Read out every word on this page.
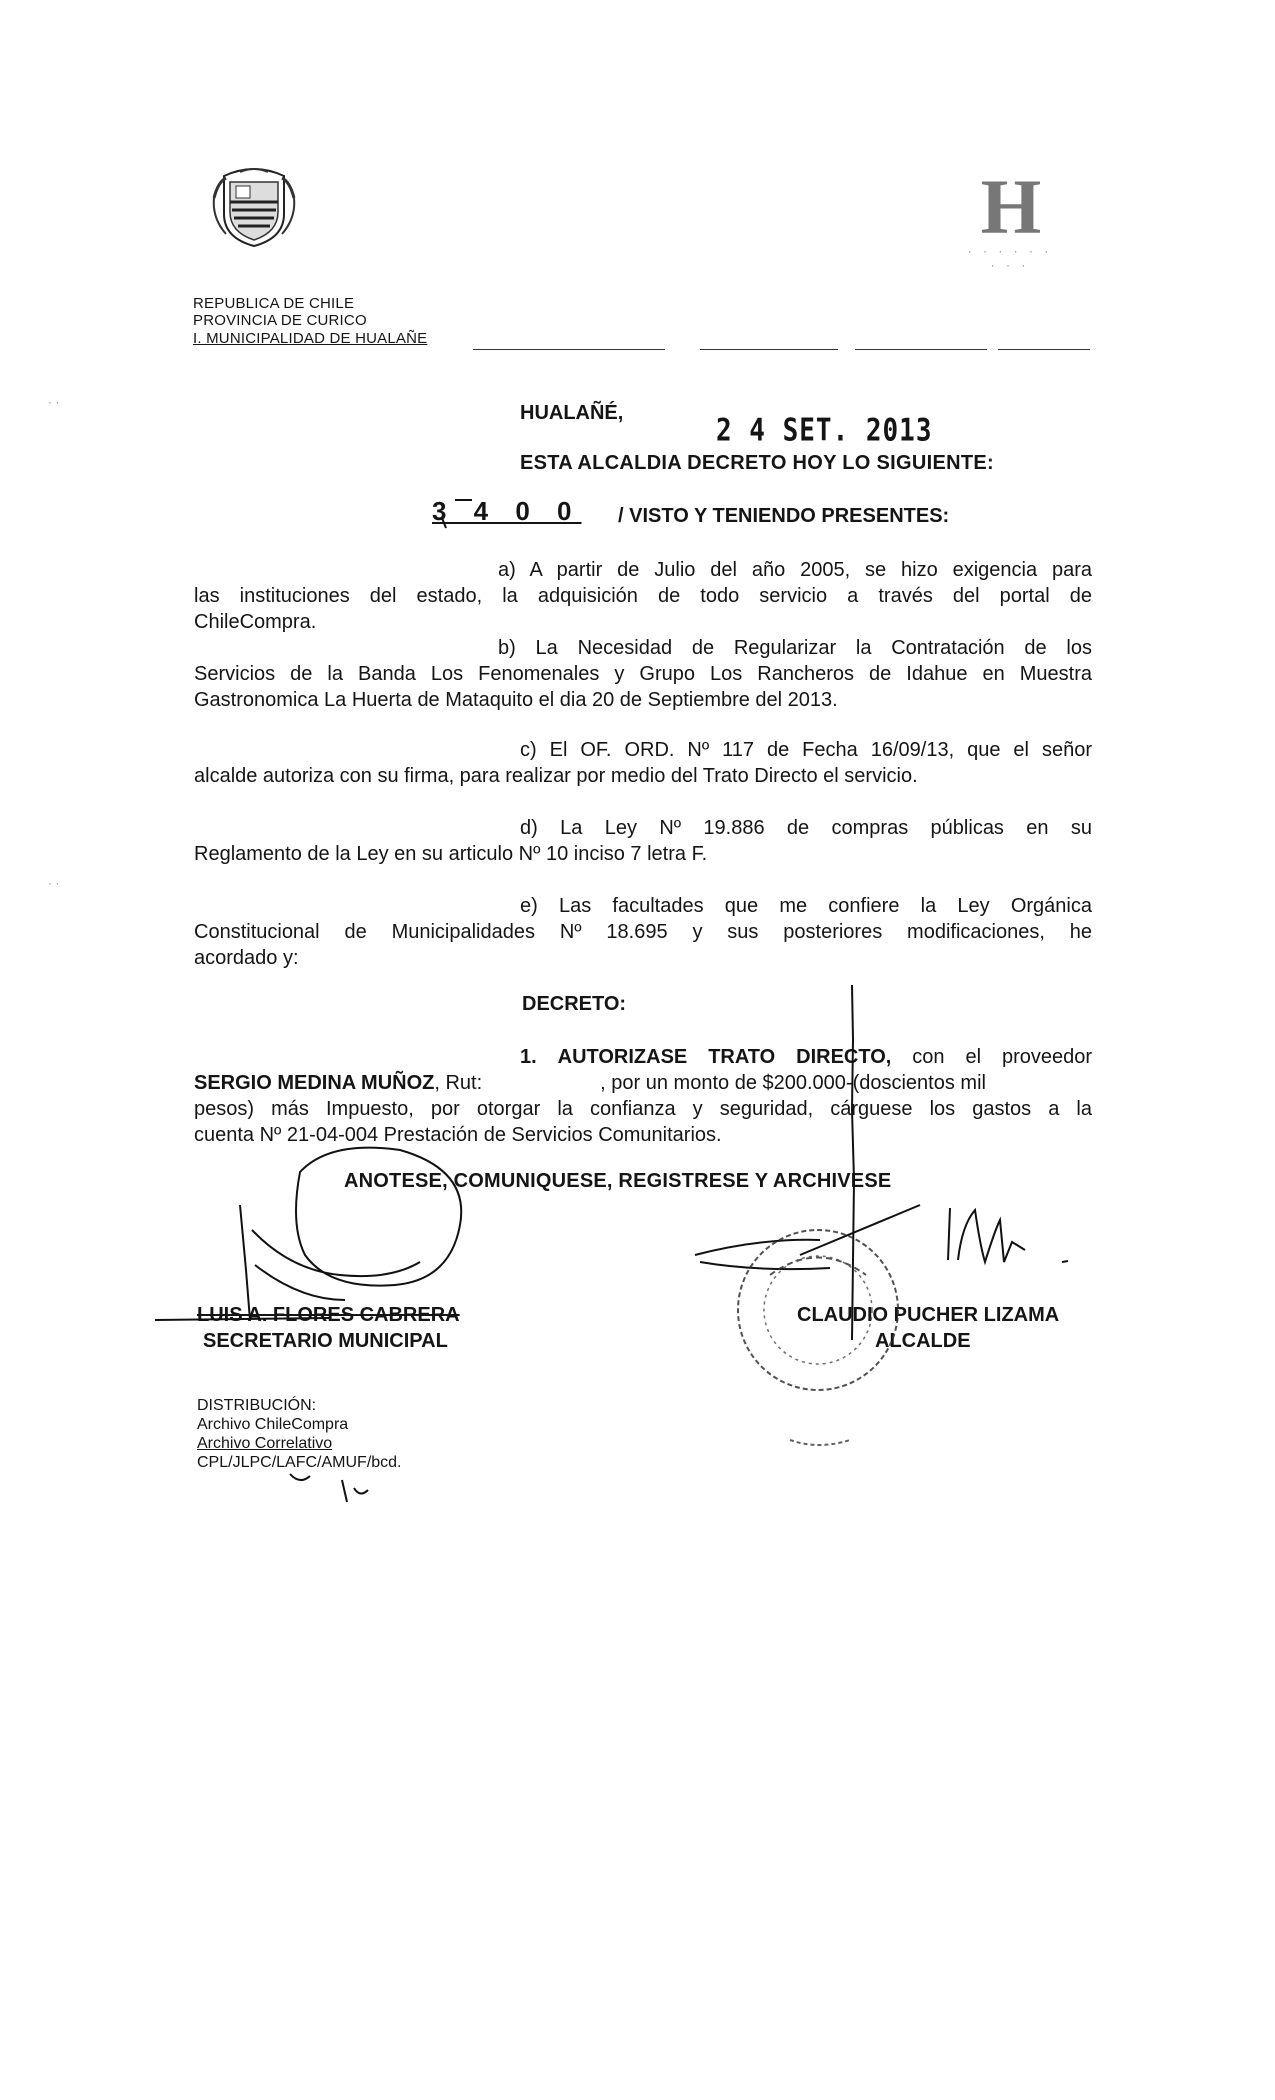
H
· · · · · · · · ·
REPUBLICA DE CHILE
PROVINCIA DE CURICO
I. MUNICIPALIDAD DE HUALAÑE
HUALAÑÉ,	2 4 SET. 2013
ESTA ALCALDIA DECRETO HOY LO SIGUIENTE:
3 4 0 0 / VISTO Y TENIENDO PRESENTES:
a) A partir de Julio del año 2005, se hizo exigencia para
las instituciones del estado, la adquisición de todo servicio a través del portal de
ChileCompra.
b) La Necesidad de Regularizar la Contratación de los
Servicios de la Banda Los Fenomenales y Grupo Los Rancheros de Idahue en Muestra
Gastronomica La Huerta de Mataquito el dia 20 de Septiembre del 2013.
c) El OF. ORD. Nº 117 de Fecha 16/09/13, que el señor
alcalde autoriza con su firma, para realizar por medio del Trato Directo el servicio.
d) La Ley Nº 19.886 de compras públicas en su
Reglamento de la Ley en su articulo Nº 10 inciso 7 letra F.
e) Las facultades que me confiere la Ley Orgánica
Constitucional de Municipalidades Nº 18.695 y sus posteriores modificaciones, he
acordado y:
DECRETO:
1. AUTORIZASE TRATO DIRECTO, con el proveedor
SERGIO MEDINA MUÑOZ, Rut:	, por un monto de $200.000-(doscientos mil
pesos) más Impuesto, por otorgar la confianza y seguridad, cárguese los gastos a la
cuenta Nº 21-04-004 Prestación de Servicios Comunitarios.
ANOTESE, COMUNIQUESE, REGISTRESE Y ARCHIVESE
LUIS A. FLORES CABRERA
SECRETARIO MUNICIPAL
CLAUDIO PUCHER LIZAMA
ALCALDE
DISTRIBUCIÓN:
Archivo ChileCompra
Archivo Correlativo
CPL/JLPC/LAFC/AMUF/bcd.
· ·
· ·
